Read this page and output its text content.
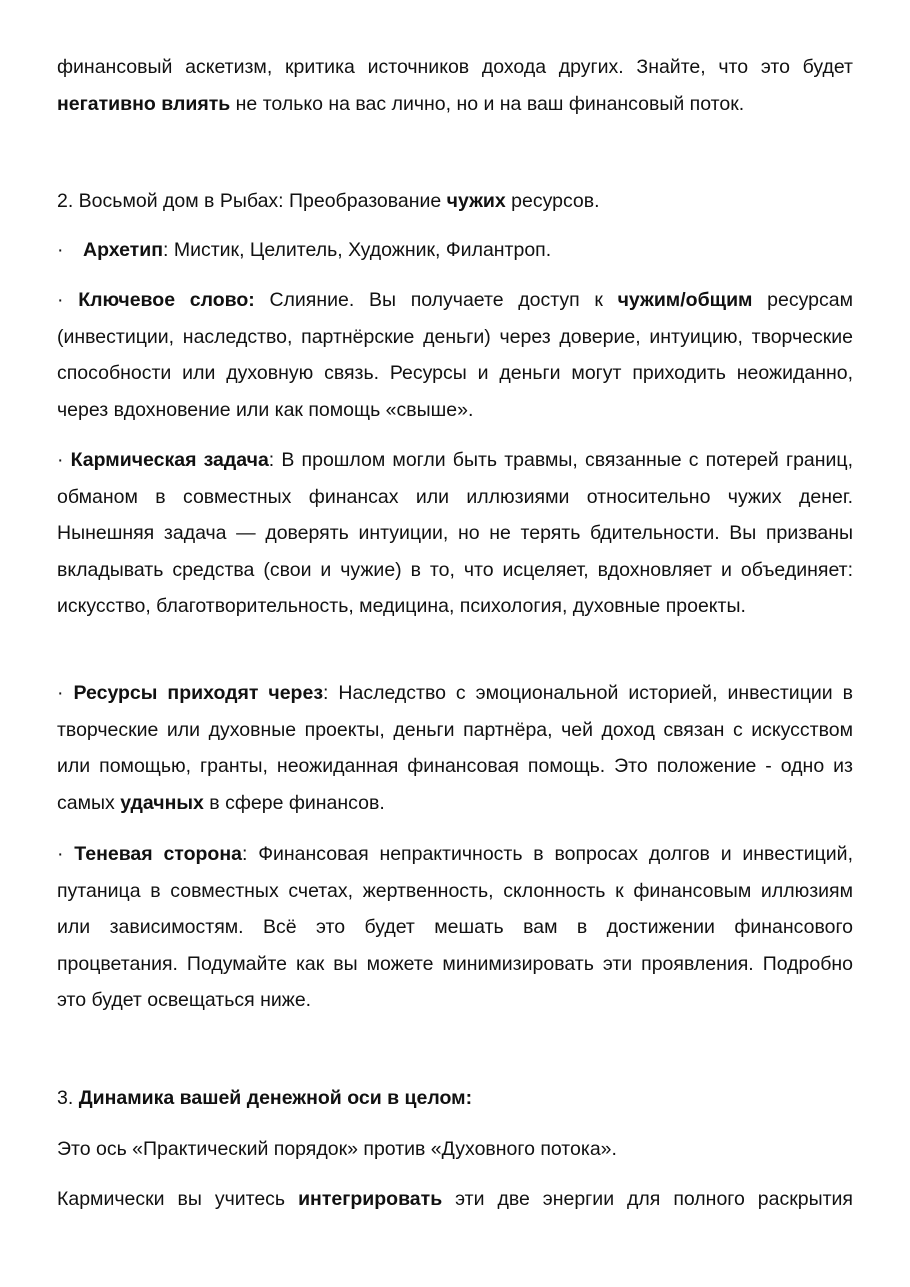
финансовый аскетизм, критика источников дохода других. Знайте, что это будет
негативно влиять не только на вас лично, но и на ваш финансовый поток.
2. Восьмой дом в Рыбах: Преобразование чужих ресурсов.
· Архетип: Мистик, Целитель, Художник, Филантроп.
· Ключевое слово: Слияние. Вы получаете доступ к чужим/общим ресурсам (инвестиции, наследство, партнёрские деньги) через доверие, интуицию, творческие способности или духовную связь. Ресурсы и деньги могут приходить неожиданно, через вдохновение или как помощь «свыше».
· Кармическая задача: В прошлом могли быть травмы, связанные с потерей границ, обманом в совместных финансах или иллюзиями относительно чужих денег. Нынешняя задача — доверять интуиции, но не терять бдительности. Вы призваны вкладывать средства (свои и чужие) в то, что исцеляет, вдохновляет и объединяет: искусство, благотворительность, медицина, психология, духовные проекты.
· Ресурсы приходят через: Наследство с эмоциональной историей, инвестиции в творческие или духовные проекты, деньги партнёра, чей доход связан с искусством или помощью, гранты, неожиданная финансовая помощь. Это положение - одно из самых удачных в сфере финансов.
· Теневая сторона: Финансовая непрактичность в вопросах долгов и инвестиций, путаница в совместных счетах, жертвенность, склонность к финансовым иллюзиям или зависимостям. Всё это будет мешать вам в достижении финансового процветания. Подумайте как вы можете минимизировать эти проявления. Подробно это будет освещаться ниже.
3. Динамика вашей денежной оси в целом:
Это ось «Практический порядок» против «Духовного потока».
Кармически вы учитесь интегрировать эти две энергии для полного раскрытия
